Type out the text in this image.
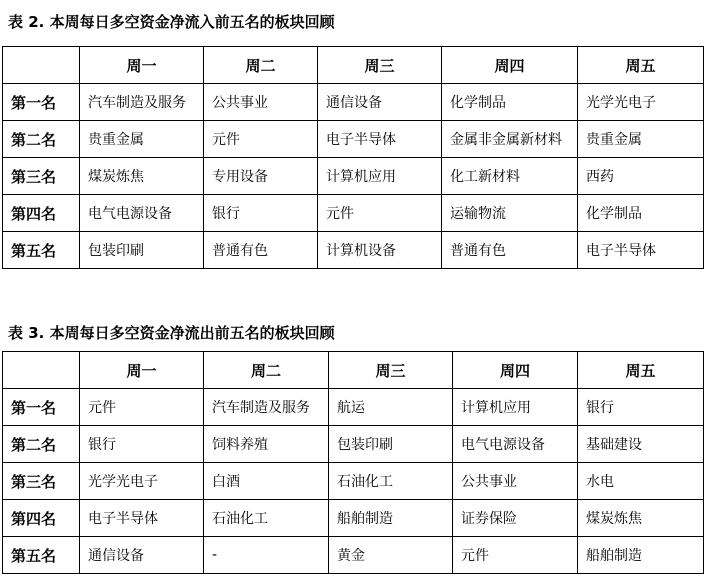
表 2. 本周每日多空资金净流入前五名的板块回顾
	周一	周二	周三	周四	周五
第一名	汽车制造及服务	公共事业	通信设备	化学制品	光学光电子
第二名	贵重金属	元件	电子半导体	金属非金属新材料	贵重金属
第三名	煤炭炼焦	专用设备	计算机应用	化工新材料	西药
第四名	电气电源设备	银行	元件	运输物流	化学制品
第五名	包装印刷	普通有色	计算机设备	普通有色	电子半导体
表 3. 本周每日多空资金净流出前五名的板块回顾
	周一	周二	周三	周四	周五
第一名	元件	汽车制造及服务	航运	计算机应用	银行
第二名	银行	饲料养殖	包装印刷	电气电源设备	基础建设
第三名	光学光电子	白酒	石油化工	公共事业	水电
第四名	电子半导体	石油化工	船舶制造	证券保险	煤炭炼焦
第五名	通信设备	-	黄金	元件	船舶制造
